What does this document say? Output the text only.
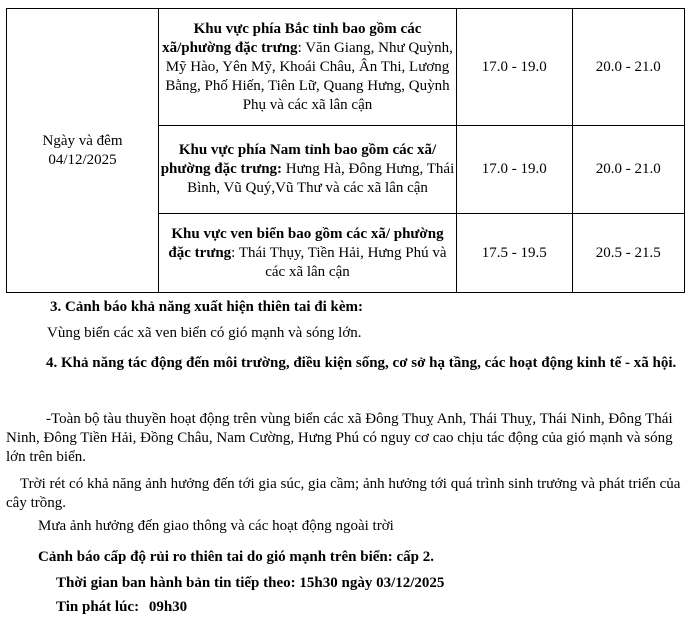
Ngày và đêm
04/12/2025	Khu vực phía Bắc tỉnh bao gồm các xã/phường đặc trưng: Văn Giang, Như Quỳnh, Mỹ Hào, Yên Mỹ, Khoái Châu, Ân Thi, Lương Bằng, Phố Hiến, Tiên Lữ, Quang Hưng, Quỳnh Phụ và các xã lân cận	17.0 - 19.0	20.0 - 21.0
	Khu vực phía Nam tỉnh bao gồm các xã/ phường đặc trưng: Hưng Hà, Đông Hưng, Thái Bình, Vũ Quý,Vũ Thư và các xã lân cận	17.0 - 19.0	20.0 - 21.0
	Khu vực ven biển bao gồm các xã/ phường đặc trưng: Thái Thụy, Tiền Hải, Hưng Phú và các xã lân cận	17.5 - 19.5	20.5 - 21.5
3. Cảnh báo khả năng xuất hiện thiên tai đi kèm:
Vùng biển các xã ven biển có gió mạnh và sóng lớn.
4. Khả năng tác động đến môi trường, điều kiện sống, cơ sở hạ tầng, các hoạt động kinh tế - xã hội.
-Toàn bộ tàu thuyền hoạt động trên vùng biển các xã Đông Thuỵ Anh, Thái Thuỵ, Thái Ninh, Đông Thái Ninh, Đông Tiền Hải, Đồng Châu, Nam Cường, Hưng Phú có nguy cơ cao chịu tác động của gió mạnh và sóng lớn trên biển.
Trời rét có khả năng ảnh hưởng đến tới gia súc, gia cầm; ảnh hưởng tới quá trình sinh trưởng và phát triển của cây trồng.
Mưa ảnh hưởng đến giao thông và các hoạt động ngoài trời
Cảnh báo cấp độ rủi ro thiên tai do gió mạnh trên biển: cấp 2.
Thời gian ban hành bản tin tiếp theo: 15h30 ngày 03/12/2025
Tin phát lúc: 09h30
